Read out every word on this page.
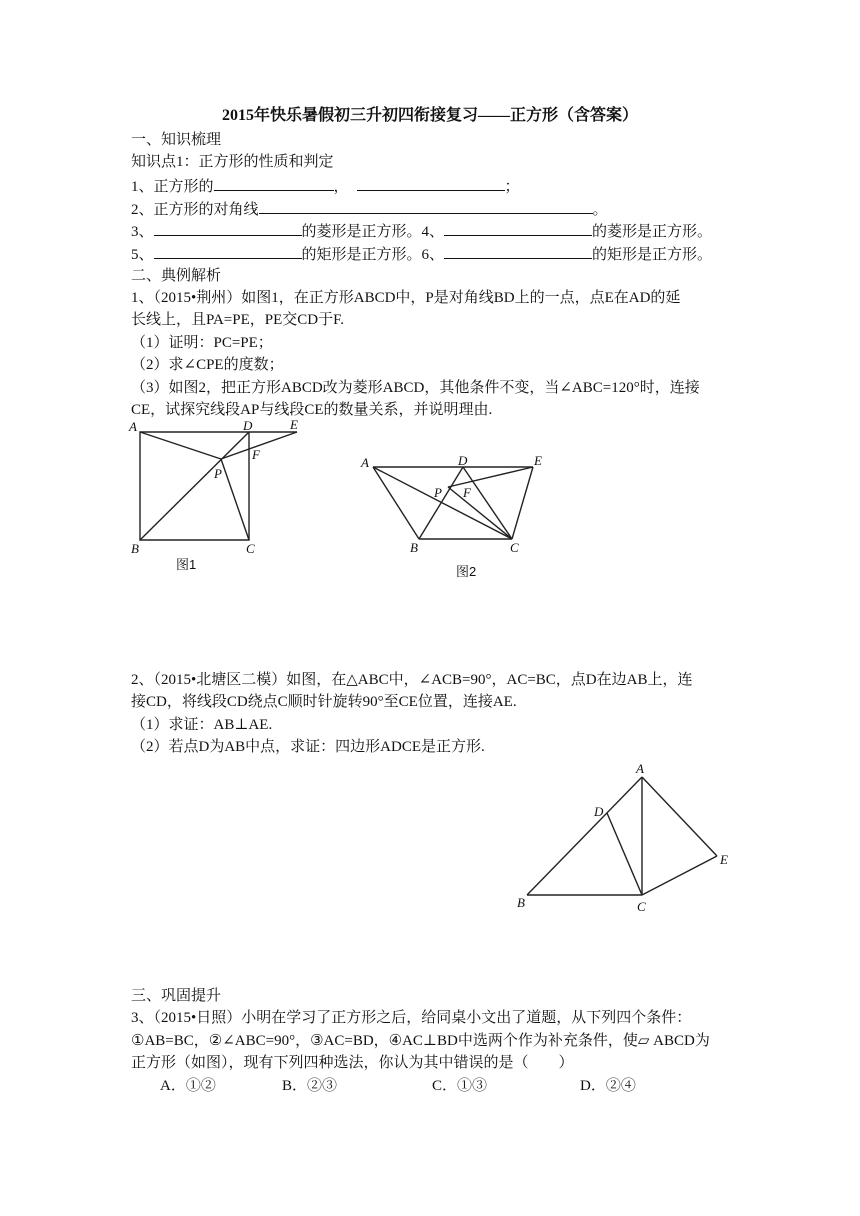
2015年快乐暑假初三升初四衔接复习——正方形（含答案）
一、知识梳理
知识点1：正方形的性质和判定
1、正方形的	，	；
2、正方形的对角线	。
3、	的菱形是正方形。4、	的菱形是正方形。
5、	的矩形是正方形。6、	的矩形是正方形。
二、典例解析
1、（2015•荆州）如图1，在正方形ABCD中，P是对角线BD上的一点，点E在AD的延
长线上，且PA=PE，PE交CD于F.
（1）证明：PC=PE；
（2）求∠CPE的度数；
（3）如图2，把正方形ABCD改为菱形ABCD，其他条件不变，当∠ABC=120°时，连接
CE，试探究线段AP与线段CE的数量关系，并说明理由.
A	D	E
F
P
B	C
图1
A	D	E
P F
B	C
图2
A
D
E
B	C
2、（2015•北塘区二模）如图，在△ABC中，∠ACB=90°，AC=BC，点D在边AB上，连
接CD，将线段CD绕点C顺时针旋转90°至CE位置，连接AE.
（1）求证：AB⊥AE.
（2）若点D为AB中点，求证：四边形ADCE是正方形.
三、巩固提升
3、（2015•日照）小明在学习了正方形之后，给同桌小文出了道题，从下列四个条件：
①AB=BC，②∠ABC=90°，③AC=BD，④AC⊥BD中选两个作为补充条件，使▱ ABCD为
正方形（如图），现有下列四种选法，你认为其中错误的是（　　）
A．①②	B．②③	C．①③	D．②④
